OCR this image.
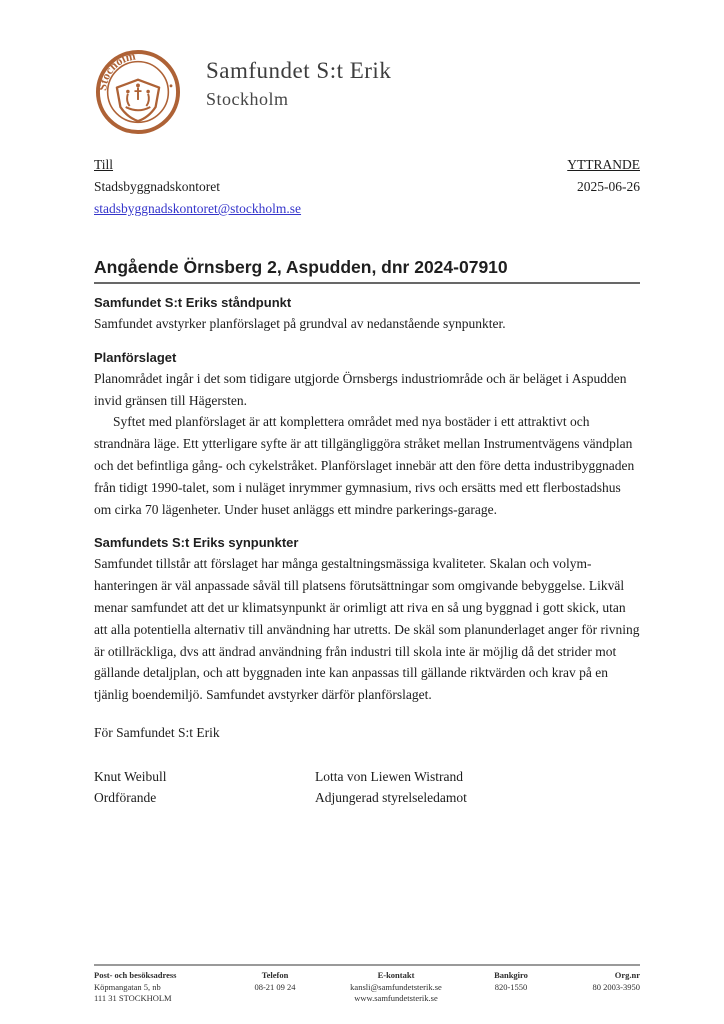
Stocholm
Samfundet S:t Erik
Stockholm
Till
Stadsbyggnadskontoret
stadsbyggnadskontoret@stockholm.se
YTTRANDE
2025-06-26
Angående Örnsberg 2, Aspudden, dnr 2024-07910
Samfundet S:t Eriks ståndpunkt

Samfundet avstyrker planförslaget på grundval av nedanstående synpunkter.

Planförslaget

Planområdet ingår i det som tidigare utgjorde Örnsbergs industriområde och är beläget i Aspudden invid gränsen till Hägersten.

Syftet med planförslaget är att komplettera området med nya bostäder i ett attraktivt och strandnära läge. Ett ytterligare syfte är att tillgängliggöra stråket mellan Instrumentvägens vändplan och det befintliga gång- och cykelstråket. Planförslaget innebär att den före detta industribyggnaden från tidigt 1990-talet, som i nuläget inrymmer gymnasium, rivs och ersätts med ett flerbostadshus om cirka 70 lägenheter. Under huset anläggs ett mindre parkerings-garage.

Samfundets S:t Eriks synpunkter

Samfundet tillstår att förslaget har många gestaltningsmässiga kvaliteter. Skalan och volym-hanteringen är väl anpassade såväl till platsens förutsättningar som omgivande bebyggelse. Likväl menar samfundet att det ur klimatsynpunkt är orimligt att riva en så ung byggnad i gott skick, utan att alla potentiella alternativ till användning har utretts. De skäl som planunderlaget anger för rivning är otillräckliga, dvs att ändrad användning från industri till skola inte är möjlig då det strider mot gällande detaljplan, och att byggnaden inte kan anpassas till gällande riktvärden och krav på en tjänlig boendemiljö. Samfundet avstyrker därför planförslaget.

För Samfundet S:t Erik

Knut Weibull
Ordförande
Lotta von Liewen Wistrand
Adjungerad styrelseledamot
Post- och besöksadress
Köpmangatan 5, nb
111 31 STOCKHOLM
Telefon
08-21 09 24
E-kontakt
kansli@samfundetsterik.se
www.samfundetsterik.se
Bankgiro
820-1550
Org.nr
80 2003-3950
